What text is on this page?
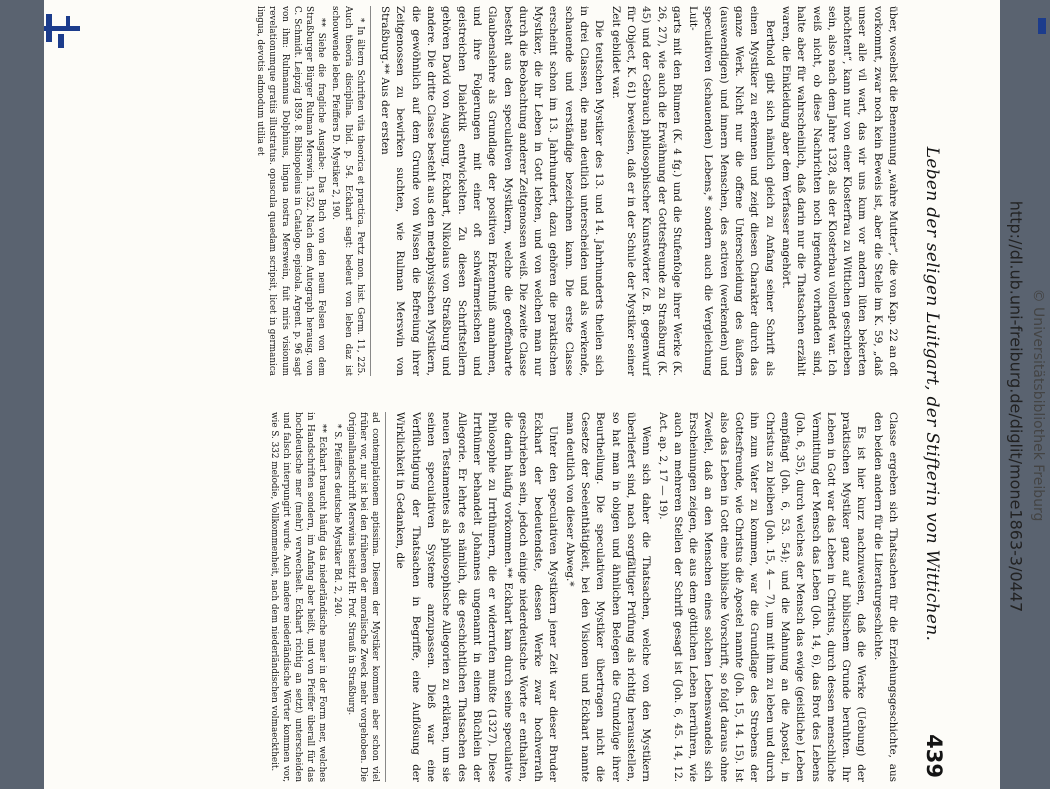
Leben der seligen Luitgart, der Stifterin von Wittichen.
439

über, woselbst die Benennung „wahre Mutter“, die von Kap. 22 an oft vorkommt, zwar noch kein Beweis ist, aber die Stelle im K. 59, „daß unser alle vil wart, das wir uns kum vor andern lüten bekerten möchtent“, kann nur von einer Klosterfrau zu Wittichen geschrieben sein, also nach dem Jahre 1328, als der Klosterbau vollendet war. Ich weiß nicht, ob diese Nachrichten noch irgendwo vorhanden sind, halte aber für wahrscheinlich, daß darin nur die Thatsachen erzählt waren, die Einkleidung aber dem Verfasser angehört.

Berthold gibt sich nämlich gleich zu Anfang seiner Schrift als einen Mystiker zu erkennen und zeigt diesen Charakter durch das ganze Werk. Nicht nur die offene Unterscheidung des äußern (auswendigen) und innern Menschen, des activen (werkenden) und speculativen (schauenden) Lebens,* sondern auch die Vergleichung Luit-

garts mit den Blumen (K. 4 fg.) und die Stufenfolge ihrer Werke (K. 26, 27), wie auch die Erwähnung der Gottesfreunde zu Straßburg (K. 45) und der Gebrauch philosophischer Kunstwörter (z. B. gegenwurf für Object, K. 61) beweisen, daß er in der Schule der Mystiker seiner Zeit gebildet war.

Die teutschen Mystiker des 13. und 14. Jahrhunderts theilen sich in drei Classen, die man deutlich unterscheiden und als werkende, schauende und verständige bezeichnen kann. Die erste Classe erscheint schon im 13. Jahrhundert, dazu gehören die praktischen Mystiker, die ihr Leben in Gott lebten, und von welchen man nur durch die Beobachtung anderer Zeitgenossen weiß. Die zweite Classe besteht aus den speculativen Mystikern, welche die geoffenbarte Glaubenslehre als Grundlage der positiven Erkenntniß annahmen, und ihre Folgerungen mit einer oft schwärmerischen und geistreichen Dialektik entwickelten. Zu diesen Schriftstellern gehören David von Augsburg, Eckhart, Nikolaus von Straßburg und andere. Die dritte Classe besteht aus den metaphysischen Mystikern, die gewöhnlich auf dem Grunde von Wissen die Befreiung ihrer Zeitgenossen zu bewirken suchten, wie Rulman Merswin von Straßburg.** Aus der ersten

* In ältern Schriften vita theorica et practica. Pertz mon. hist. Germ. 11, 225. Auch theoria disciplina. Ibid. p. 54. Eckhart sagt: bedeut von leben daz ist schouwende leben. Pfeiffers D. Mystiker 2, 190.

** Siehe die fragliche Ausgabe: Das Buch von den neun Felsen von dem Straßburger Bürger Rulman Merswin. 1352. Nach dem Autograph herausg. von C. Schmidt. Leipzig 1859. 8. Bibliopoleius in Catalogo. epistola. Argent. p. 96 sagt von ihm: Rulmannus Dolphinus, lingua nostra Merswein, fuit miris visionum revelationumque gratiis illustratus. opuscula quaedam scripsit, licet in germanica lingua, devotis admodum utilia et

Classe ergeben sich Thatsachen für die Erziehungsgeschichte, aus den beiden andern für die Literaturgeschichte.

Es ist hier kurz nachzuweisen, daß die Werke (Uebung) der praktischen Mystiker ganz auf biblischem Grunde beruhten. Ihr Leben in Gott war das Leben in Christus, durch dessen menschliche Vermittlung der Mensch das Leben (Joh. 14, 6), das Brot des Lebens (Joh. 6, 35), durch welches der Mensch das ewige (geistliche) Leben empfängt (Joh. 6, 53. 54); und die Mahnung an die Apostel, in Christus zu bleiben (Joh. 15, 4 — 7), um mit ihm zu leben und durch ihn zum Vater zu kommen, war die Grundlage des Strebens der Gottesfreunde, wie Christus die Apostel nannte (Joh. 15, 14. 15). Ist also das Leben in Gott eine biblische Vorschrift, so folgt daraus ohne Zweifel, daß an den Menschen eines solchen Lebenswandels sich Erscheinungen zeigen, die aus dem göttlichen Leben herrühren, wie auch an mehreren Stellen der Schrift gesagt ist (Joh. 6, 45. 14, 12. Act. ap. 2, 17 — 19).

Wenn sich daher die Thatsachen, welche von den Mystikern überliefert sind, nach sorgfältiger Prüfung als richtig herausstellen, so hat man in obigen und ähnlichen Belegen die Grundzüge ihrer Beurtheilung. Die speculativen Mystiker übertragen nicht die Gesetze der Seelenthätigkeit, bei den Visionen und Eckhart nannte man deutlich von dieser Abweg.*

Unter den speculativen Mystikern jener Zeit war dieser Bruder Eckhart der bedeutendste, dessen Werke zwar hochverrath geschrieben sein, jedoch einige niederdeutsche Worte er enthalten, die darin häufig vorkommen.** Eckhart kam durch seine speculative Philosophie zu Irrthümern, die er widerrufen mußte (1327). Diese Irrthümer behandelt Johannes ungenannt in einem Büchlein der Allegorie. Er lehrte es nämlich, die geschichtlichen Thatsachen des neuen Testamentes als philosophische Allegorien zu erklären, um sie seinen speculativen Systeme anzupassen. Dieß war eine Verflüchtigung der Thatsachen in Begriffe, eine Auflösung der Wirklichkeit in Gedanken, die

ad contemplationem aptissima. Diesem der Mystiker kommen aber schon viel früher vor, nur ist bei den früheren der moralische Zweck mehr vorgehoben. Die Originalhandschrift Merswins besitzt Hr. Prof. Strauß in Straßburg.

* S. Pfeiffers deutsche Mystiker Bd. 2, 240.

** Eckhart braucht häufig das niederländische maer in der Form mer, welches in Handschriften sondern, im Anfang aber heißt, und von Pfeiffer überall für das hochdeutsche mer (mehr) verwechselt. Eckhart richtig an setzt) unterscheiden und falsch interpungirt wurde. Auch andere niederländische Wörter kommen vor, wie S. 332 melodie, Vollkommenheit, nach dem niederländischen volmaecktheit.	http://dl.ub.uni-freiburg.de/diglit/mone1863-3/0447 © Universitätsbibliothek Freiburg
